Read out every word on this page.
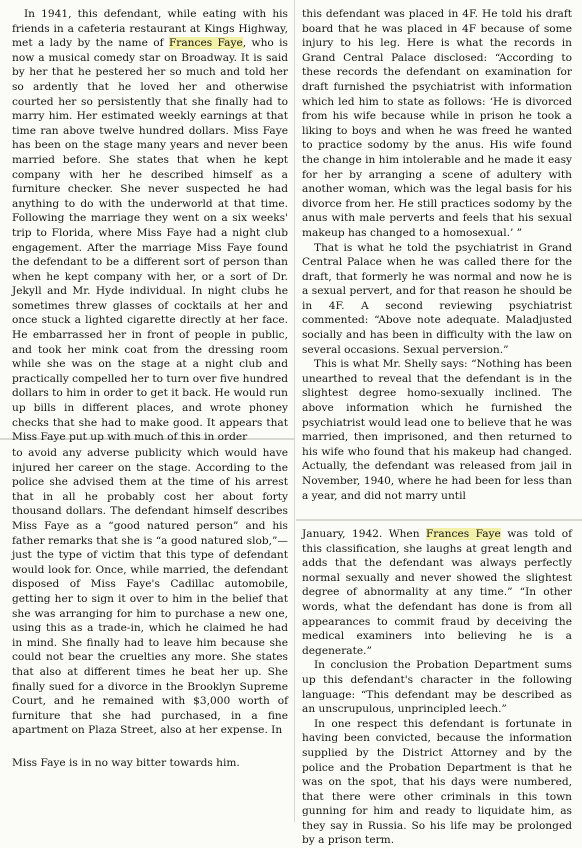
In 1941, this defendant, while eating with his friends in a cafeteria restaurant at Kings Highway, met a lady by the name of Frances Faye, who is now a musical comedy star on Broadway. It is said by her that he pestered her so much and told her so ardently that he loved her and otherwise courted her so persistently that she finally had to marry him. Her estimated weekly earnings at that time ran above twelve hundred dollars. Miss Faye has been on the stage many years and never been married before. She states that when he kept company with her he described himself as a furniture checker. She never suspected he had anything to do with the underworld at that time. Following the marriage they went on a six weeks' trip to Florida, where Miss Faye had a night club engagement. After the marriage Miss Faye found the defendant to be a different sort of person than when he kept company with her, or a sort of Dr. Jekyll and Mr. Hyde individual. In night clubs he sometimes threw glasses of cocktails at her and once stuck a lighted cigarette directly at her face. He embarrassed her in front of people in public, and took her mink coat from the dressing room while she was on the stage at a night club and practically compelled her to turn over five hundred dollars to him in order to get it back. He would run up bills in different places, and wrote phoney checks that she had to make good. It appears that Miss Faye put up with much of this in order

to avoid any adverse publicity which would have injured her career on the stage. According to the police she advised them at the time of his arrest that in all he probably cost her about forty thousand dollars. The defendant himself describes Miss Faye as a “good natured person” and his father remarks that she is “a good natured slob,”—just the type of victim that this type of defendant would look for. Once, while married, the defendant disposed of Miss Faye's Cadillac automobile, getting her to sign it over to him in the belief that she was arranging for him to purchase a new one, using this as a trade-in, which he claimed he had in mind. She finally had to leave him because she could not bear the cruelties any more. She states that also at different times he beat her up. She finally sued for a divorce in the Brooklyn Supreme Court, and he remained with $3,000 worth of furniture that she had purchased, in a fine apartment on Plaza Street, also at her expense. In

Miss Faye is in no way bitter towards him.

this defendant was placed in 4F. He told his draft board that he was placed in 4F because of some injury to his leg. Here is what the records in Grand Central Palace disclosed: “According to these records the defendant on examination for draft furnished the psychiatrist with information which led him to state as follows: ‘He is divorced from his wife because while in prison he took a liking to boys and when he was freed he wanted to practice sodomy by the anus. His wife found the change in him intolerable and he made it easy for her by arranging a scene of adultery with another woman, which was the legal basis for his divorce from her. He still practices sodomy by the anus with male perverts and feels that his sexual makeup has changed to a homosexual.’ ”

That is what he told the psychiatrist in Grand Central Palace when he was called there for the draft, that formerly he was normal and now he is a sexual pervert, and for that reason he should be in 4F. A second reviewing psychiatrist commented: “Above note adequate. Maladjusted socially and has been in difficulty with the law on several occasions. Sexual perversion.”

This is what Mr. Shelly says: “Nothing has been unearthed to reveal that the defendant is in the slightest degree homo-sexually inclined. The above information which he furnished the psychiatrist would lead one to believe that he was married, then imprisoned, and then returned to his wife who found that his makeup had changed. Actually, the defendant was released from jail in November, 1940, where he had been for less than a year, and did not marry until

January, 1942. When Frances Faye was told of this classification, she laughs at great length and adds that the defendant was always perfectly normal sexually and never showed the slightest degree of abnormality at any time.” “In other words, what the defendant has done is from all appearances to commit fraud by deceiving the medical examiners into believing he is a degenerate.”

In conclusion the Probation Department sums up this defendant's character in the following language: “This defendant may be described as an unscrupulous, unprincipled leech.”

In one respect this defendant is fortunate in having been convicted, because the information supplied by the District Attorney and by the police and the Probation Department is that he was on the spot, that his days were numbered, that there were other criminals in this town gunning for him and ready to liquidate him, as they say in Russia. So his life may be prolonged by a prison term.
